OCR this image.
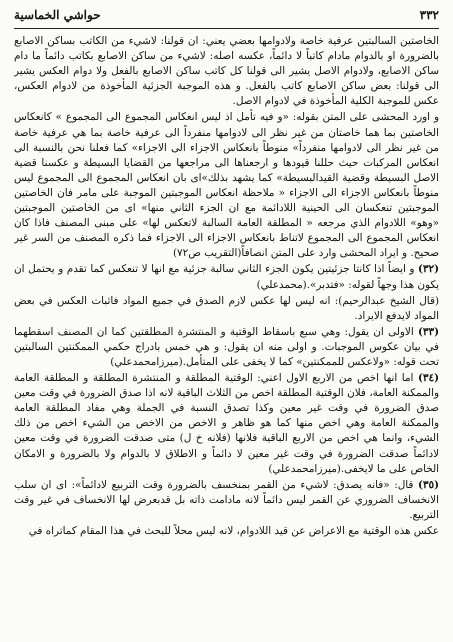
٣٣٢
حواشي الخماسية

الخاصتين السالبتين عرفية خاصة ولادوامها بعضي يعني: ان قولنا: لاشيء من الكاتب بساكن الاصابع بالضرورة او بالدوام مادام كاتباً لا دائماً، عكسه اصله: لاشيء من ساكن الاصابع بكاتب دائماً ما دام ساكن الاصابع، ولادوام الاصل يشير الى قولنا كل كاتب ساكن الاصابع بالفعل ولا دوام العكس يشير الى قولنا: بعض ساكن الاصابع كاتب بالفعل. و هذه الموجبة الجزئية المأخوذة من لادوام العكس، عكس للموجبة الكلية المأخوذة في لادوام الاصل.

و اورد المحشى على المتن بقوله: «و فيه تأمل اذ ليس انعكاس المجموع الى المجموع » كانعكاس الخاصتين بما هما خاصتان من غير نظر الى لادوامها منفرداً الى عرفية خاصة بما هي عرفية خاصة من غير نظر الى لادوامها منفرداً» منوطاً بانعكاس الاجزاء الى الاجزاء» كما فعلنا نحن بالنسبة الى انعكاس المركبات حيث حللنا قيودها و ارجعناها الى مراجعها من القضايا البسيطة و عكسنا قضية الاصل البسيطة وقضية القيدالبسيطة» كما يشهد بذلك»اى بان انعكاس المجموع الى المجموع ليس منوطاً بانعكاس الاجزاء الى الاجزاء « ملاحظة انعكاس الموجبتين الموجبة على مامر فان الخاصتين الموجبتين تنعكسان الى الحينية اللادائمة مع ان الجزء الثاني منها» اى من الخاصتين الموجبتين «وهو» اللادوام الذي مرجعه « المطلقة العامة السالبة لاتعكس لها» على مبنى المصنف فاذا كان انعكاس المجموع الى المجموع لاتناط بانعكاس الاجزاء الى الاجزاء فما ذكره المصنف من السر غير صحيح. و ايراد المحشى وارد على المتن انصافاً(التقريب ص٧٢)

(٣٢) و ايضاً اذا كانتا جزئيتين يكون الجزء الثاني سالبة جزئية مع انها لا تنعكس كما تقدم و يحتمل ان يكون هذا وجهاً لقوله: «فتدبر».(محمدعلي)

(قال الشيخ عبدالرحيم): انه ليس لها عكس لازم الصدق في جميع المواد فاثبات العكس في بعض المواد لايدفع الايراد.

(٣٣) الاولى ان يقول: وهي سبع باسقاط الوقتية و المنتشرة المطلقتين كما ان المصنف اسقطهما في بيان عكوس الموجبات. و اولى منه ان يقول: و هي خمس بادراج حكمي الممكنتين السالبتين تحت قوله: «ولاعكس للممكنتين» كما لا يخفى على المتأمل.(ميرزامحمدعلي)

(٣٤) اما انها اخص من الاربع الاول اعني: الوقتية المطلقة و المنتشرة المطلقة و المطلقة العامة والممكنة العامة، فلان الوقتية المطلقة اخص من الثلاث الباقية لانه اذا صدق الضرورة في وقت معين صدق الضرورة في وقت غير معين وكذا تصدق النسبة في الجملة وهي مفاد المطلقة العامة والممكنة العامة وهي اخص منها كما هو ظاهر و الاخص من الاخص من الشيء اخص من ذلك الشيء، وانما هي اخص من الاربع الباقية فلانها (فلانه خ ل) متى صدقت الضرورة في وقت معين لادائماً صدقت الضرورة في وقت غير معين لا دائماً و الاطلاق لا بالدوام ولا بالضرورة و الامكان الخاص على ما لايخفى.(ميرزامحمدعلي)

(٣٥) قال: «فانه يصدق: لاشيء من القمر بمنخسف بالضرورة وقت التربيع لادائماً»: اى ان سلب الانخساف الضروري عن القمر ليس دائماً لانه مادامت ذاته بل قدبعرض لها الانخساف في غير وقت التربيع.

عكس هذه الوقتية مع الاعراض عن قيد اللادوام، لانه ليس محلاً للبحث في هذا المقام كماتراه في
